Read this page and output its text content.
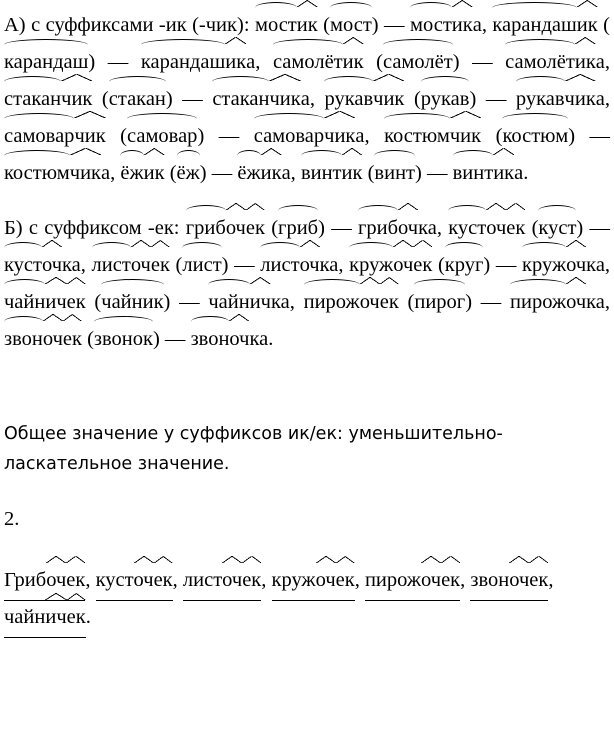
А) с суффиксами -ик (-чик): мостик (мост) — мостика, карандашик (карандаш) — карандашика, самолётик (самолёт) — самолётика, стаканчик (стакан) — стаканчика, рукавчик (рукав) — рукавчика, самоварчик (самовар) — самоварчика, костюмчик (костюм) — костюмчика, ёжик (ёж) — ёжика, винтик (винт) — винтика.

Б) с суффиксом -ек: грибочек (гриб) — грибочка, кусточек (куст) — кусточка, листочек (лист) — листочка, кружочек (круг) — кружочка, чайничек (чайник) — чайничка, пирожочек (пирог) — пирожочка, звоночек (звонок) — звоночка.

Общее значение у суффиксов ик/ек: уменьшительно-ласкательное значение.

2.

Грибочек, кусточек, листочек, кружочек, пирожочек, звоночек, чайничек.
